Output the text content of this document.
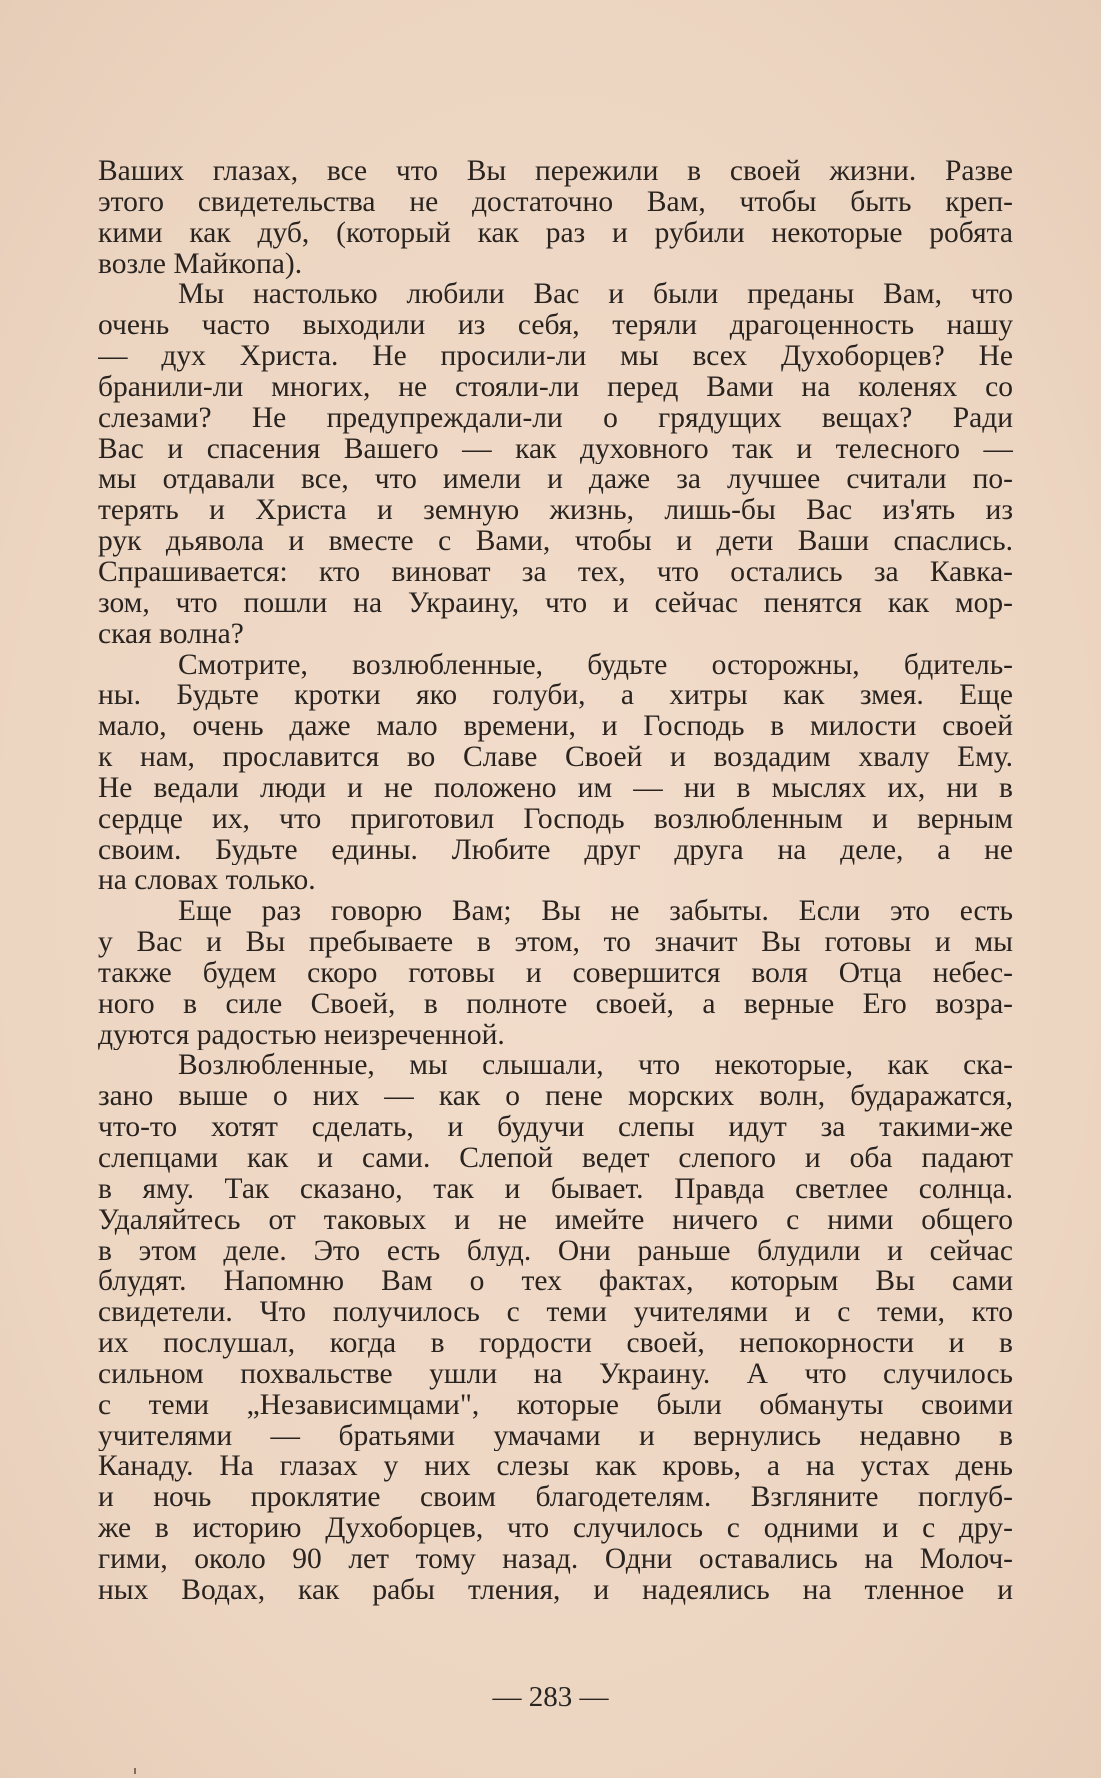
Ваших глазах, все что Вы пережили в своей жизни. Разве
этого свидетельства не достаточно Вам, чтобы быть креп-
кими как дуб, (который как раз и рубили некоторые робята
возле Майкопа).
Мы настолько любили Вас и были преданы Вам, что
очень часто выходили из себя, теряли драгоценность нашу
— дух Христа. Не просили-ли мы всех Духоборцев? Не
бранили-ли многих, не стояли-ли перед Вами на коленях со
слезами? Не предупреждали-ли о грядущих вещах? Ради
Вас и спасения Вашего — как духовного так и телесного —
мы отдавали все, что имели и даже за лучшее считали по-
терять и Христа и земную жизнь, лишь-бы Вас из'ять из
рук дьявола и вместе с Вами, чтобы и дети Ваши спаслись.
Спрашивается: кто виноват за тех, что остались за Кавка-
зом, что пошли на Украину, что и сейчас пенятся как мор-
ская волна?
Смотрите, возлюбленные, будьте осторожны, бдитель-
ны. Будьте кротки яко голуби, а хитры как змея. Еще
мало, очень даже мало времени, и Господь в милости своей
к нам, прославится во Славе Своей и воздадим хвалу Ему.
Не ведали люди и не положено им — ни в мыслях их, ни в
сердце их, что приготовил Господь возлюбленным и верным
своим. Будьте едины. Любите друг друга на деле, а не
на словах только.
Еще раз говорю Вам; Вы не забыты. Если это есть
у Вас и Вы пребываете в этом, то значит Вы готовы и мы
также будем скоро готовы и совершится воля Отца небес-
ного в силе Своей, в полноте своей, а верные Его возра-
дуются радостью неизреченной.
Возлюбленные, мы слышали, что некоторые, как ска-
зано выше о них — как о пене морских волн, бударажатся,
что-то хотят сделать, и будучи слепы идут за такими-же
слепцами как и сами. Слепой ведет слепого и оба падают
в яму. Так сказано, так и бывает. Правда светлее солнца.
Удаляйтесь от таковых и не имейте ничего с ними общего
в этом деле. Это есть блуд. Они раньше блудили и сейчас
блудят. Напомню Вам о тех фактах, которым Вы сами
свидетели. Что получилось с теми учителями и с теми, кто
их послушал, когда в гордости своей, непокорности и в
сильном похвальстве ушли на Украину. А что случилось
с теми „Независимцами", которые были обмануты своими
учителями — братьями умачами и вернулись недавно в
Канаду. На глазах у них слезы как кровь, а на устах день
и ночь проклятие своим благодетелям. Взгляните поглуб-
же в историю Духоборцев, что случилось с одними и с дру-
гими, около 90 лет тому назад. Одни оставались на Молоч-
ных Водах, как рабы тления, и надеялись на тленное и
— 283 —
